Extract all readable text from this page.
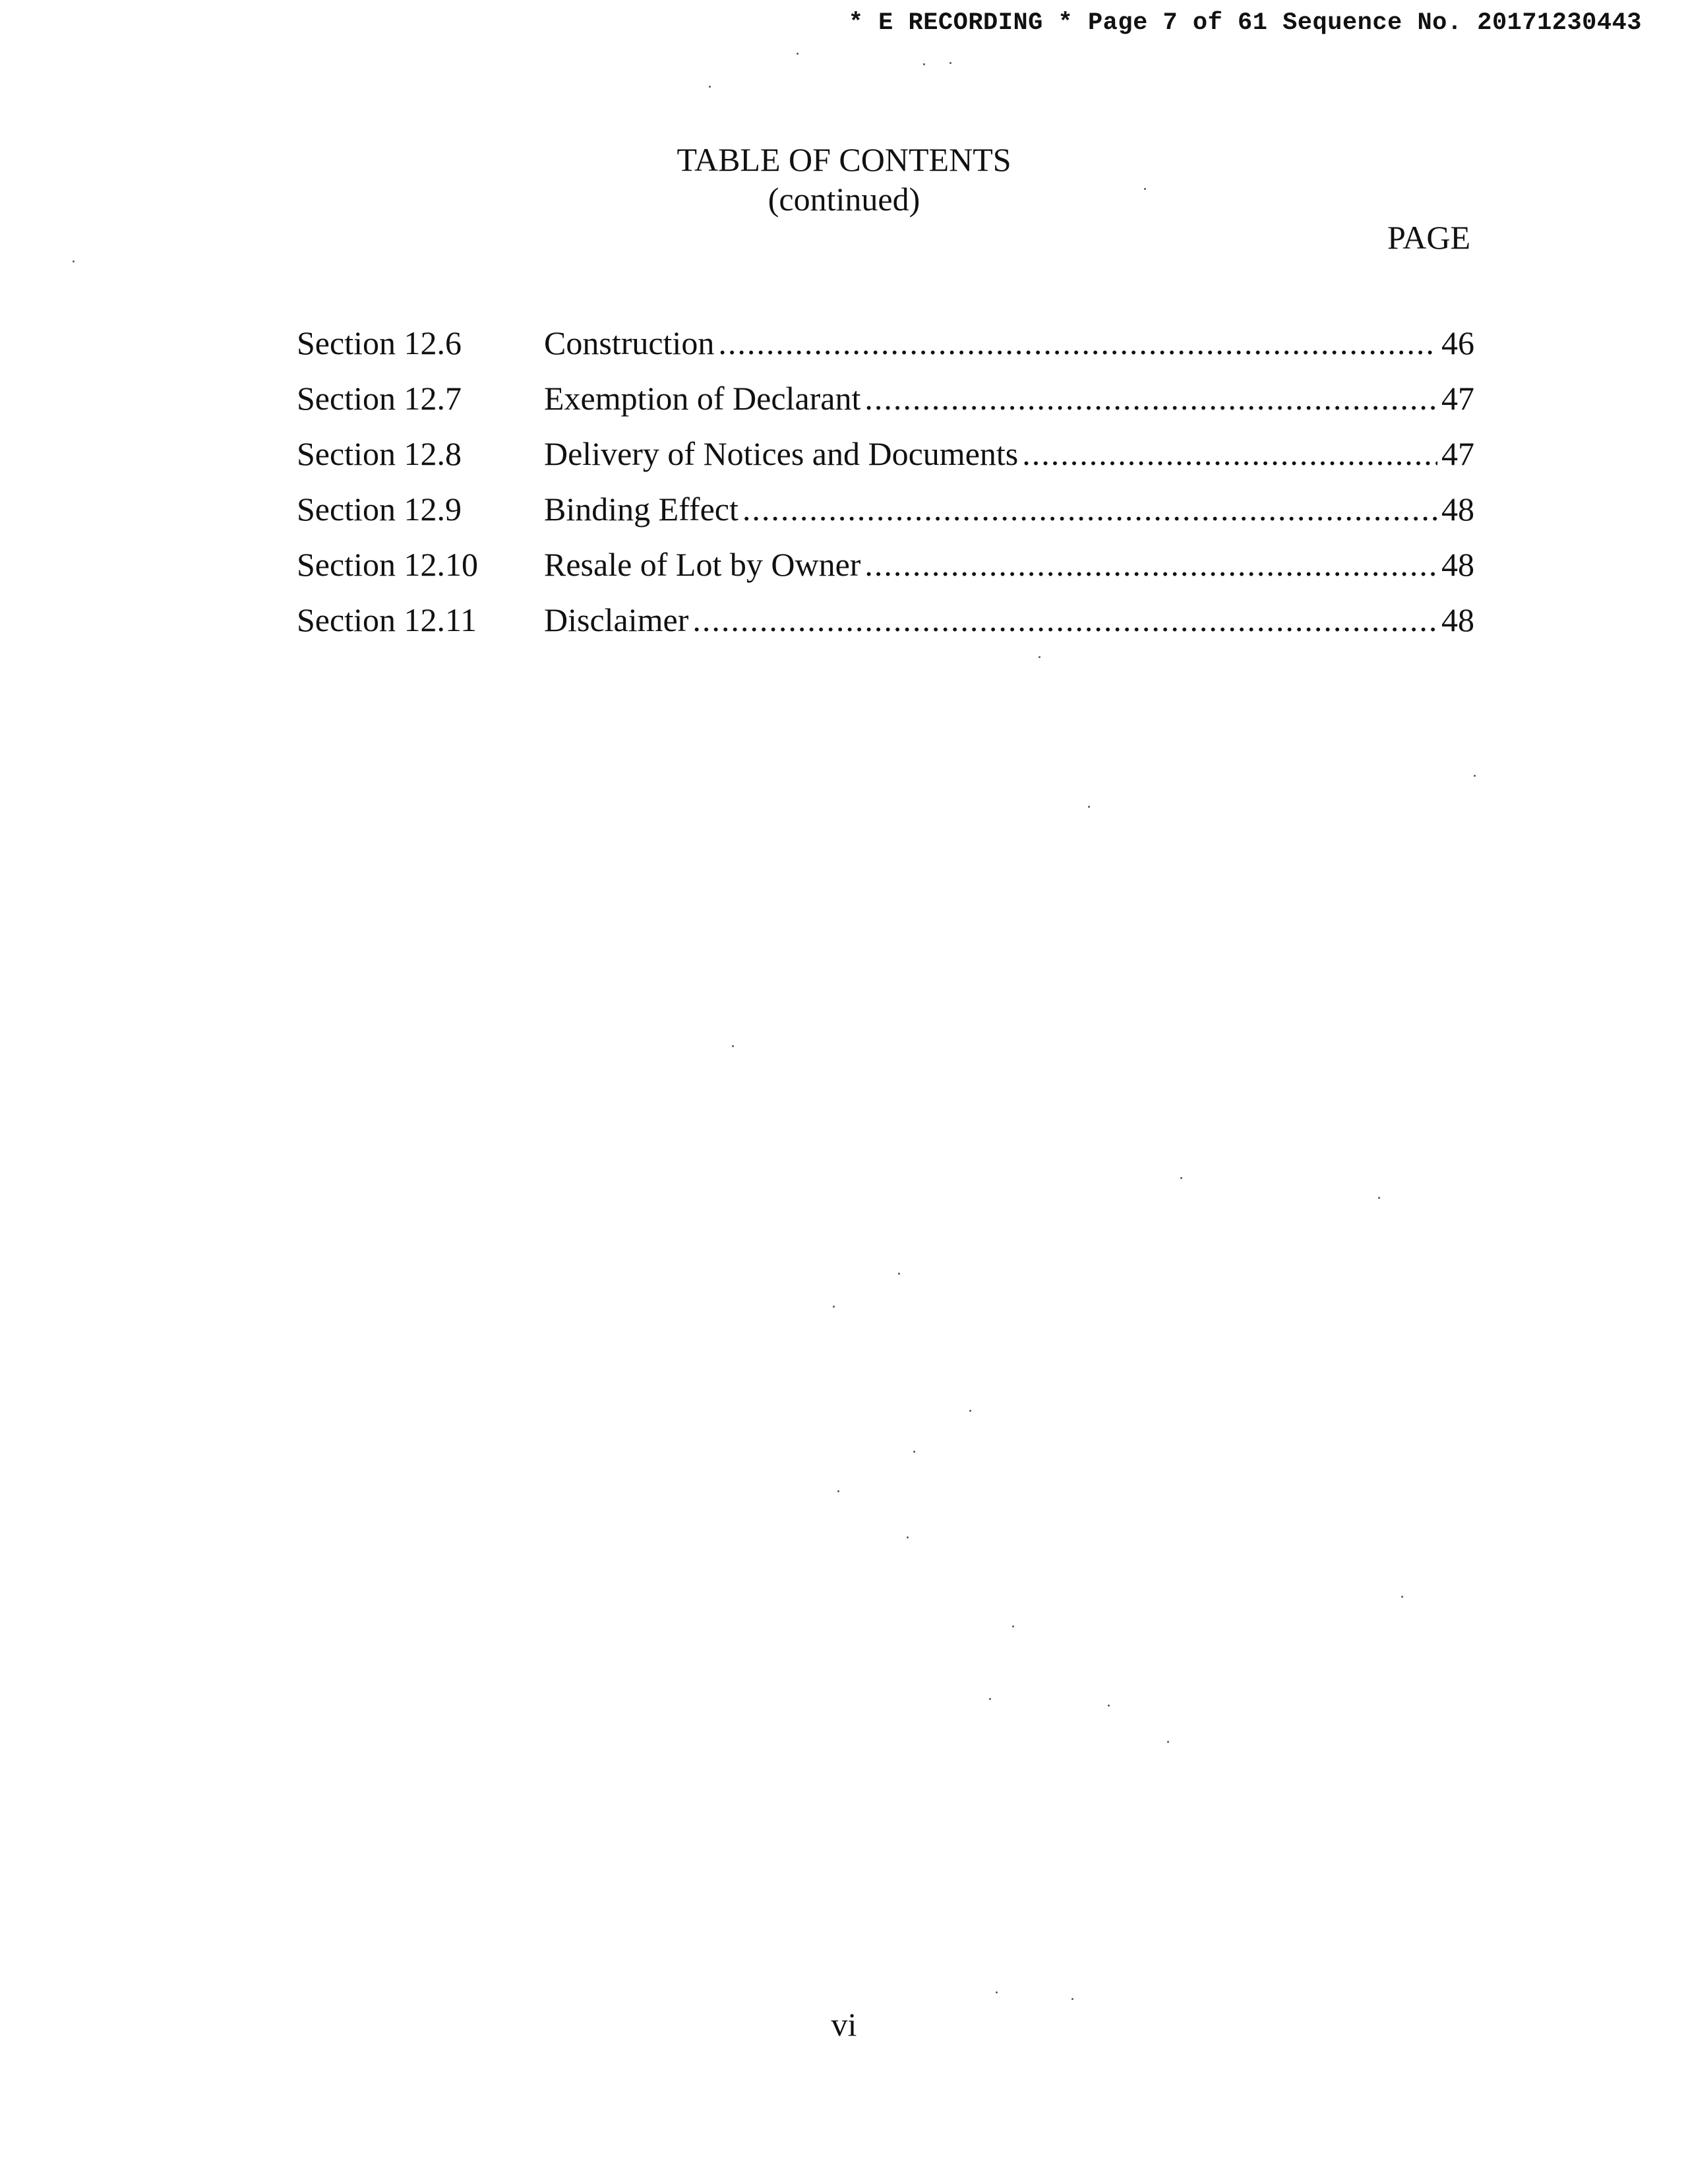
* E RECORDING * Page 7 of 61 Sequence No. 20171230443
TABLE OF CONTENTS
(continued)
PAGE
Section 12.6	Construction .....	46
Section 12.7	Exemption of Declarant .....	47
Section 12.8	Delivery of Notices and Documents .....	47
Section 12.9	Binding Effect .....	48
Section 12.10	Resale of Lot by Owner .....	48
Section 12.11	Disclaimer .....	48
vi
